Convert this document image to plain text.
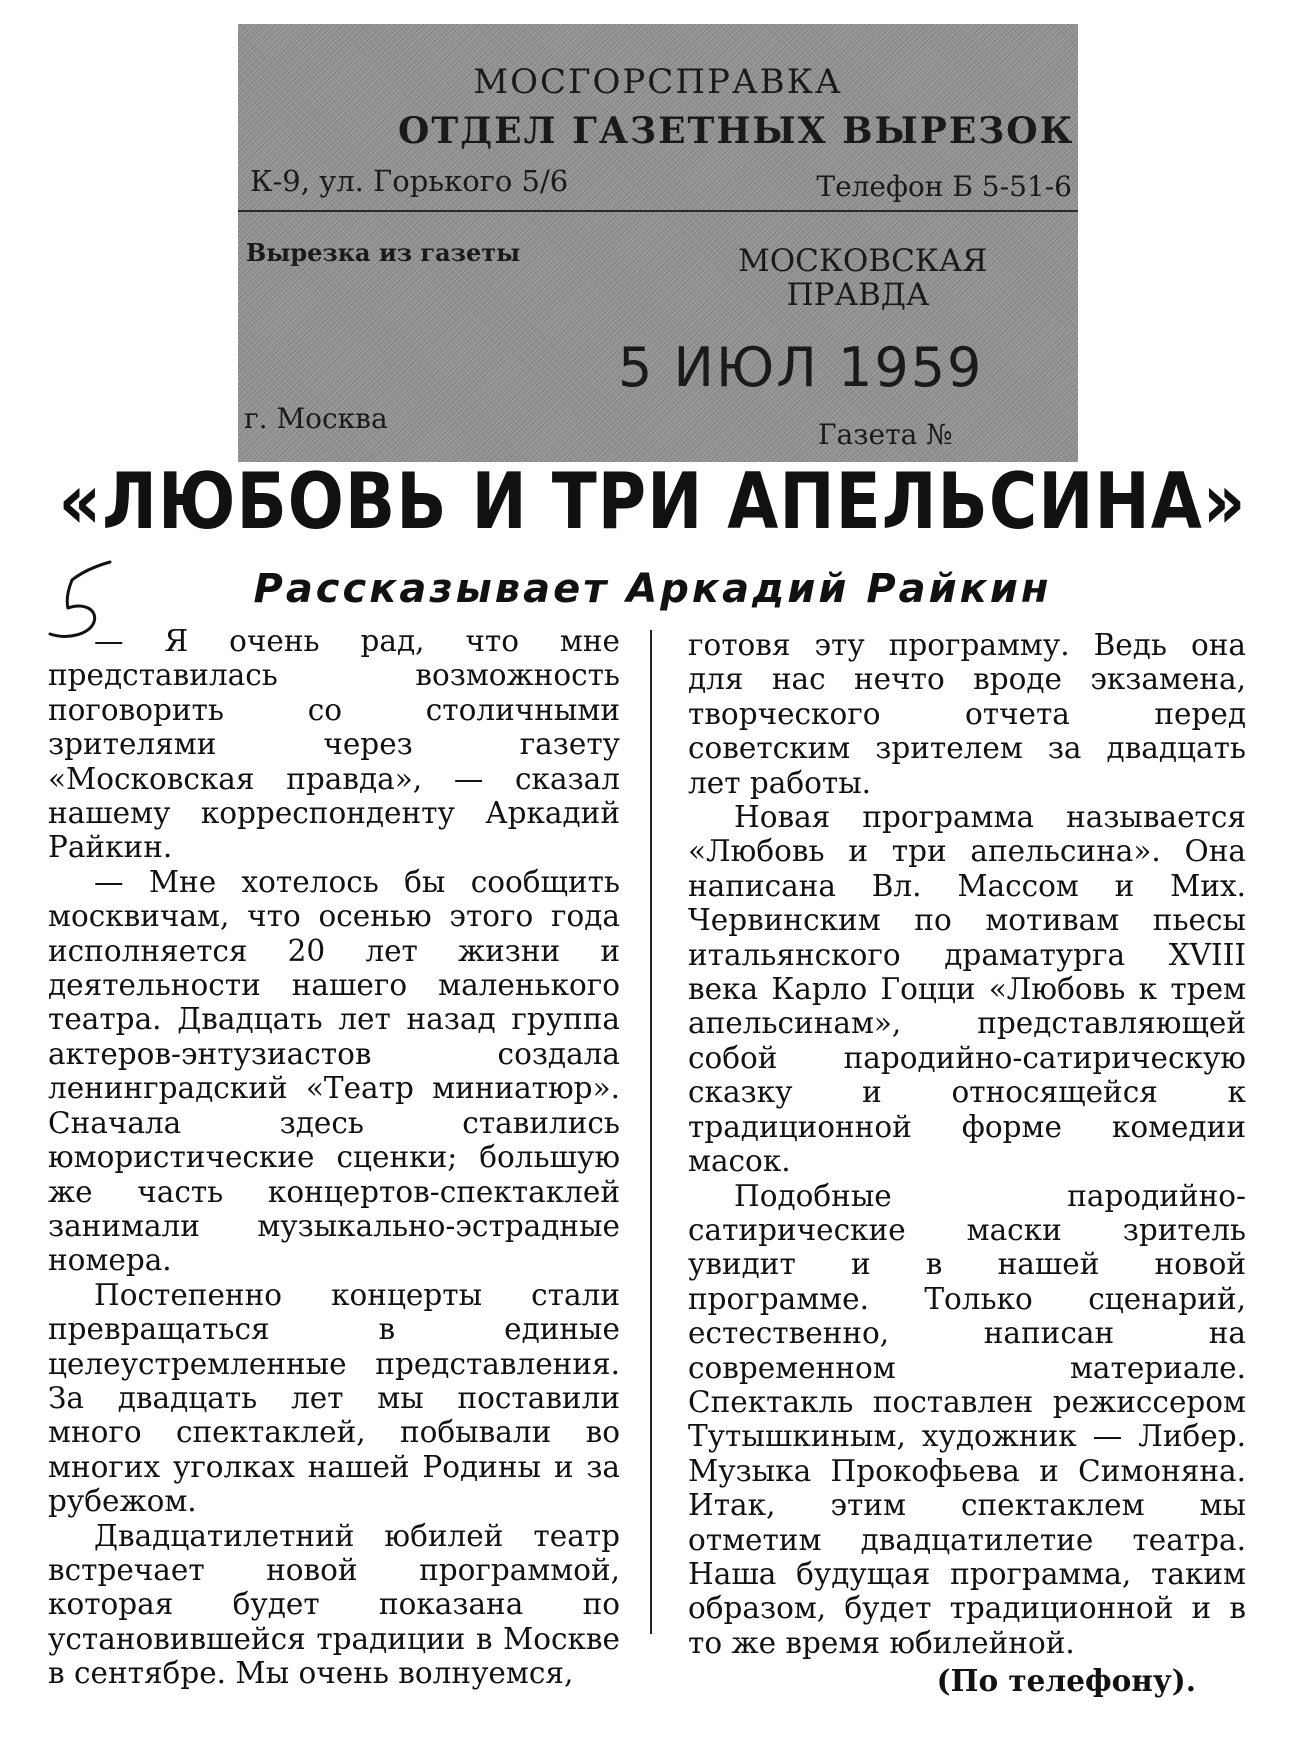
МОСГОРСПРАВКА
ОТДЕЛ ГАЗЕТНЫХ ВЫРЕЗОК
К-9, ул. Горького 5/6	Телефон Б 5-51-6
Вырезка из газеты	МОСКОВСКАЯ ПРАВДА
5 ИЮЛ 1959
г. Москва	Газета №
«ЛЮБОВЬ И ТРИ АПЕЛЬСИНА»
Рассказывает Аркадий Райкин

— Я очень рад, что мне представилась возможность поговорить со столичными зрителями через газету «Московская правда», — сказал нашему корреспонденту Аркадий Райкин.

— Мне хотелось бы сообщить москвичам, что осенью этого года исполняется 20 лет жизни и деятельности нашего маленького театра. Двадцать лет назад группа актеров-энтузиастов создала ленинградский «Театр миниатюр». Сначала здесь ставились юмористические сценки; большую же часть концертов-спектаклей занимали музыкально-эстрадные номера.

Постепенно концерты стали превращаться в единые целеустремленные представления. За двадцать лет мы поставили много спектаклей, побывали во многих уголках нашей Родины и за рубежом.

Двадцатилетний юбилей театр встречает новой программой, которая будет показана по установившейся традиции в Москве в сентябре. Мы очень волнуемся,

готовя эту программу. Ведь она для нас нечто вроде экзамена, творческого отчета перед советским зрителем за двадцать лет работы.

Новая программа называется «Любовь и три апельсина». Она написана Вл. Массом и Мих. Червинским по мотивам пьесы итальянского драматурга XVIII века Карло Гоцци «Любовь к трем апельсинам», представляющей собой пародийно-сатирическую сказку и относящейся к традиционной форме комедии масок.

Подобные пародийно-сатирические маски зритель увидит и в нашей новой программе. Только сценарий, естественно, написан на современном материале. Спектакль поставлен режиссером Тутышкиным, художник — Либер. Музыка Прокофьева и Симоняна. Итак, этим спектаклем мы отметим двадцатилетие театра. Наша будущая программа, таким образом, будет традиционной и в то же время юбилейной.

(По телефону).
